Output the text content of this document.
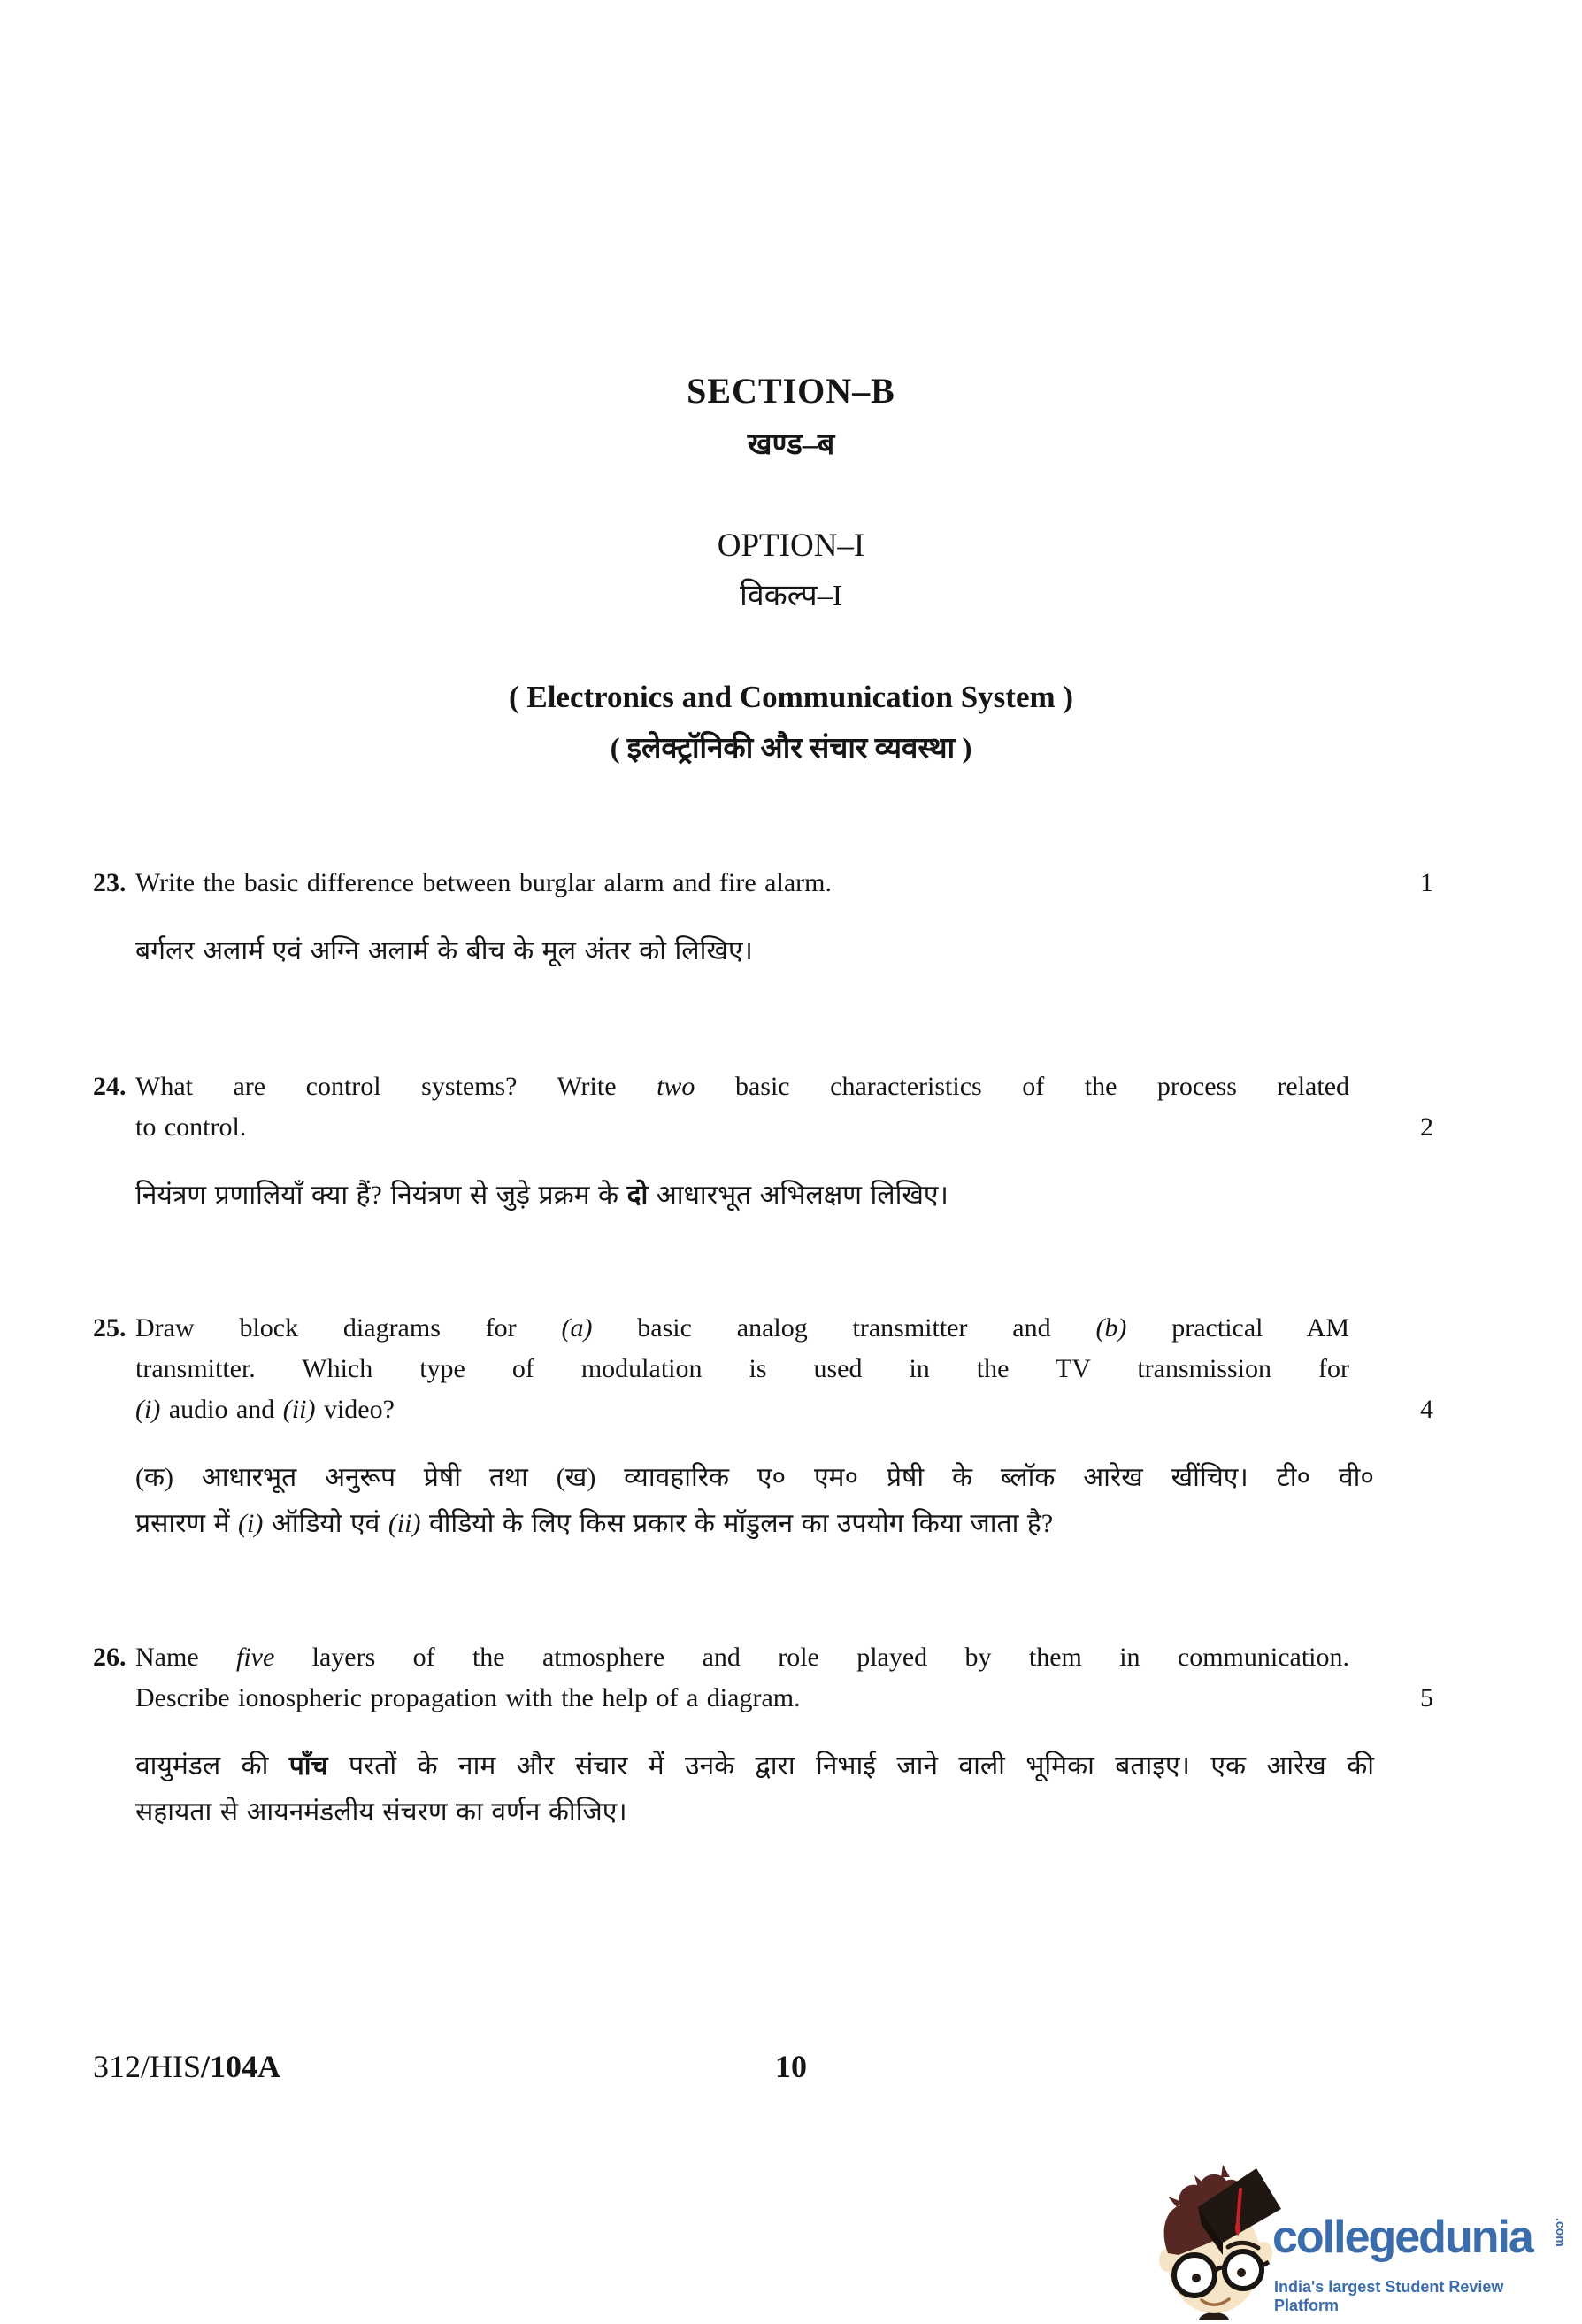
SECTION–B
खण्ड–ब
OPTION–I
विकल्प–I
( Electronics and Communication System )
( इलेक्ट्रॉनिकी और संचार व्यवस्था )
23. Write the basic difference between burglar alarm and fire alarm.	1
बर्गलर अलार्म एवं अग्नि अलार्म के बीच के मूल अंतर को लिखिए।
24. What are control systems? Write two basic characteristics of the process related
to control.	2
नियंत्रण प्रणालियाँ क्या हैं? नियंत्रण से जुड़े प्रक्रम के दो आधारभूत अभिलक्षण लिखिए।
25. Draw block diagrams for (a) basic analog transmitter and (b) practical AM
transmitter. Which type of modulation is used in the TV transmission for
(i) audio and (ii) video?	4
(क) आधारभूत अनुरूप प्रेषी तथा (ख) व्यावहारिक ए० एम० प्रेषी के ब्लॉक आरेख खींचिए। टी० वी०
प्रसारण में (i) ऑडियो एवं (ii) वीडियो के लिए किस प्रकार के मॉडुलन का उपयोग किया जाता है?
26. Name five layers of the atmosphere and role played by them in communication.
Describe ionospheric propagation with the help of a diagram.	5
वायुमंडल की पाँच परतों के नाम और संचार में उनके द्वारा निभाई जाने वाली भूमिका बताइए। एक आरेख की
सहायता से आयनमंडलीय संचरण का वर्णन कीजिए।
312/HIS/104A	10
collegedunia .com
India's largest Student Review Platform
